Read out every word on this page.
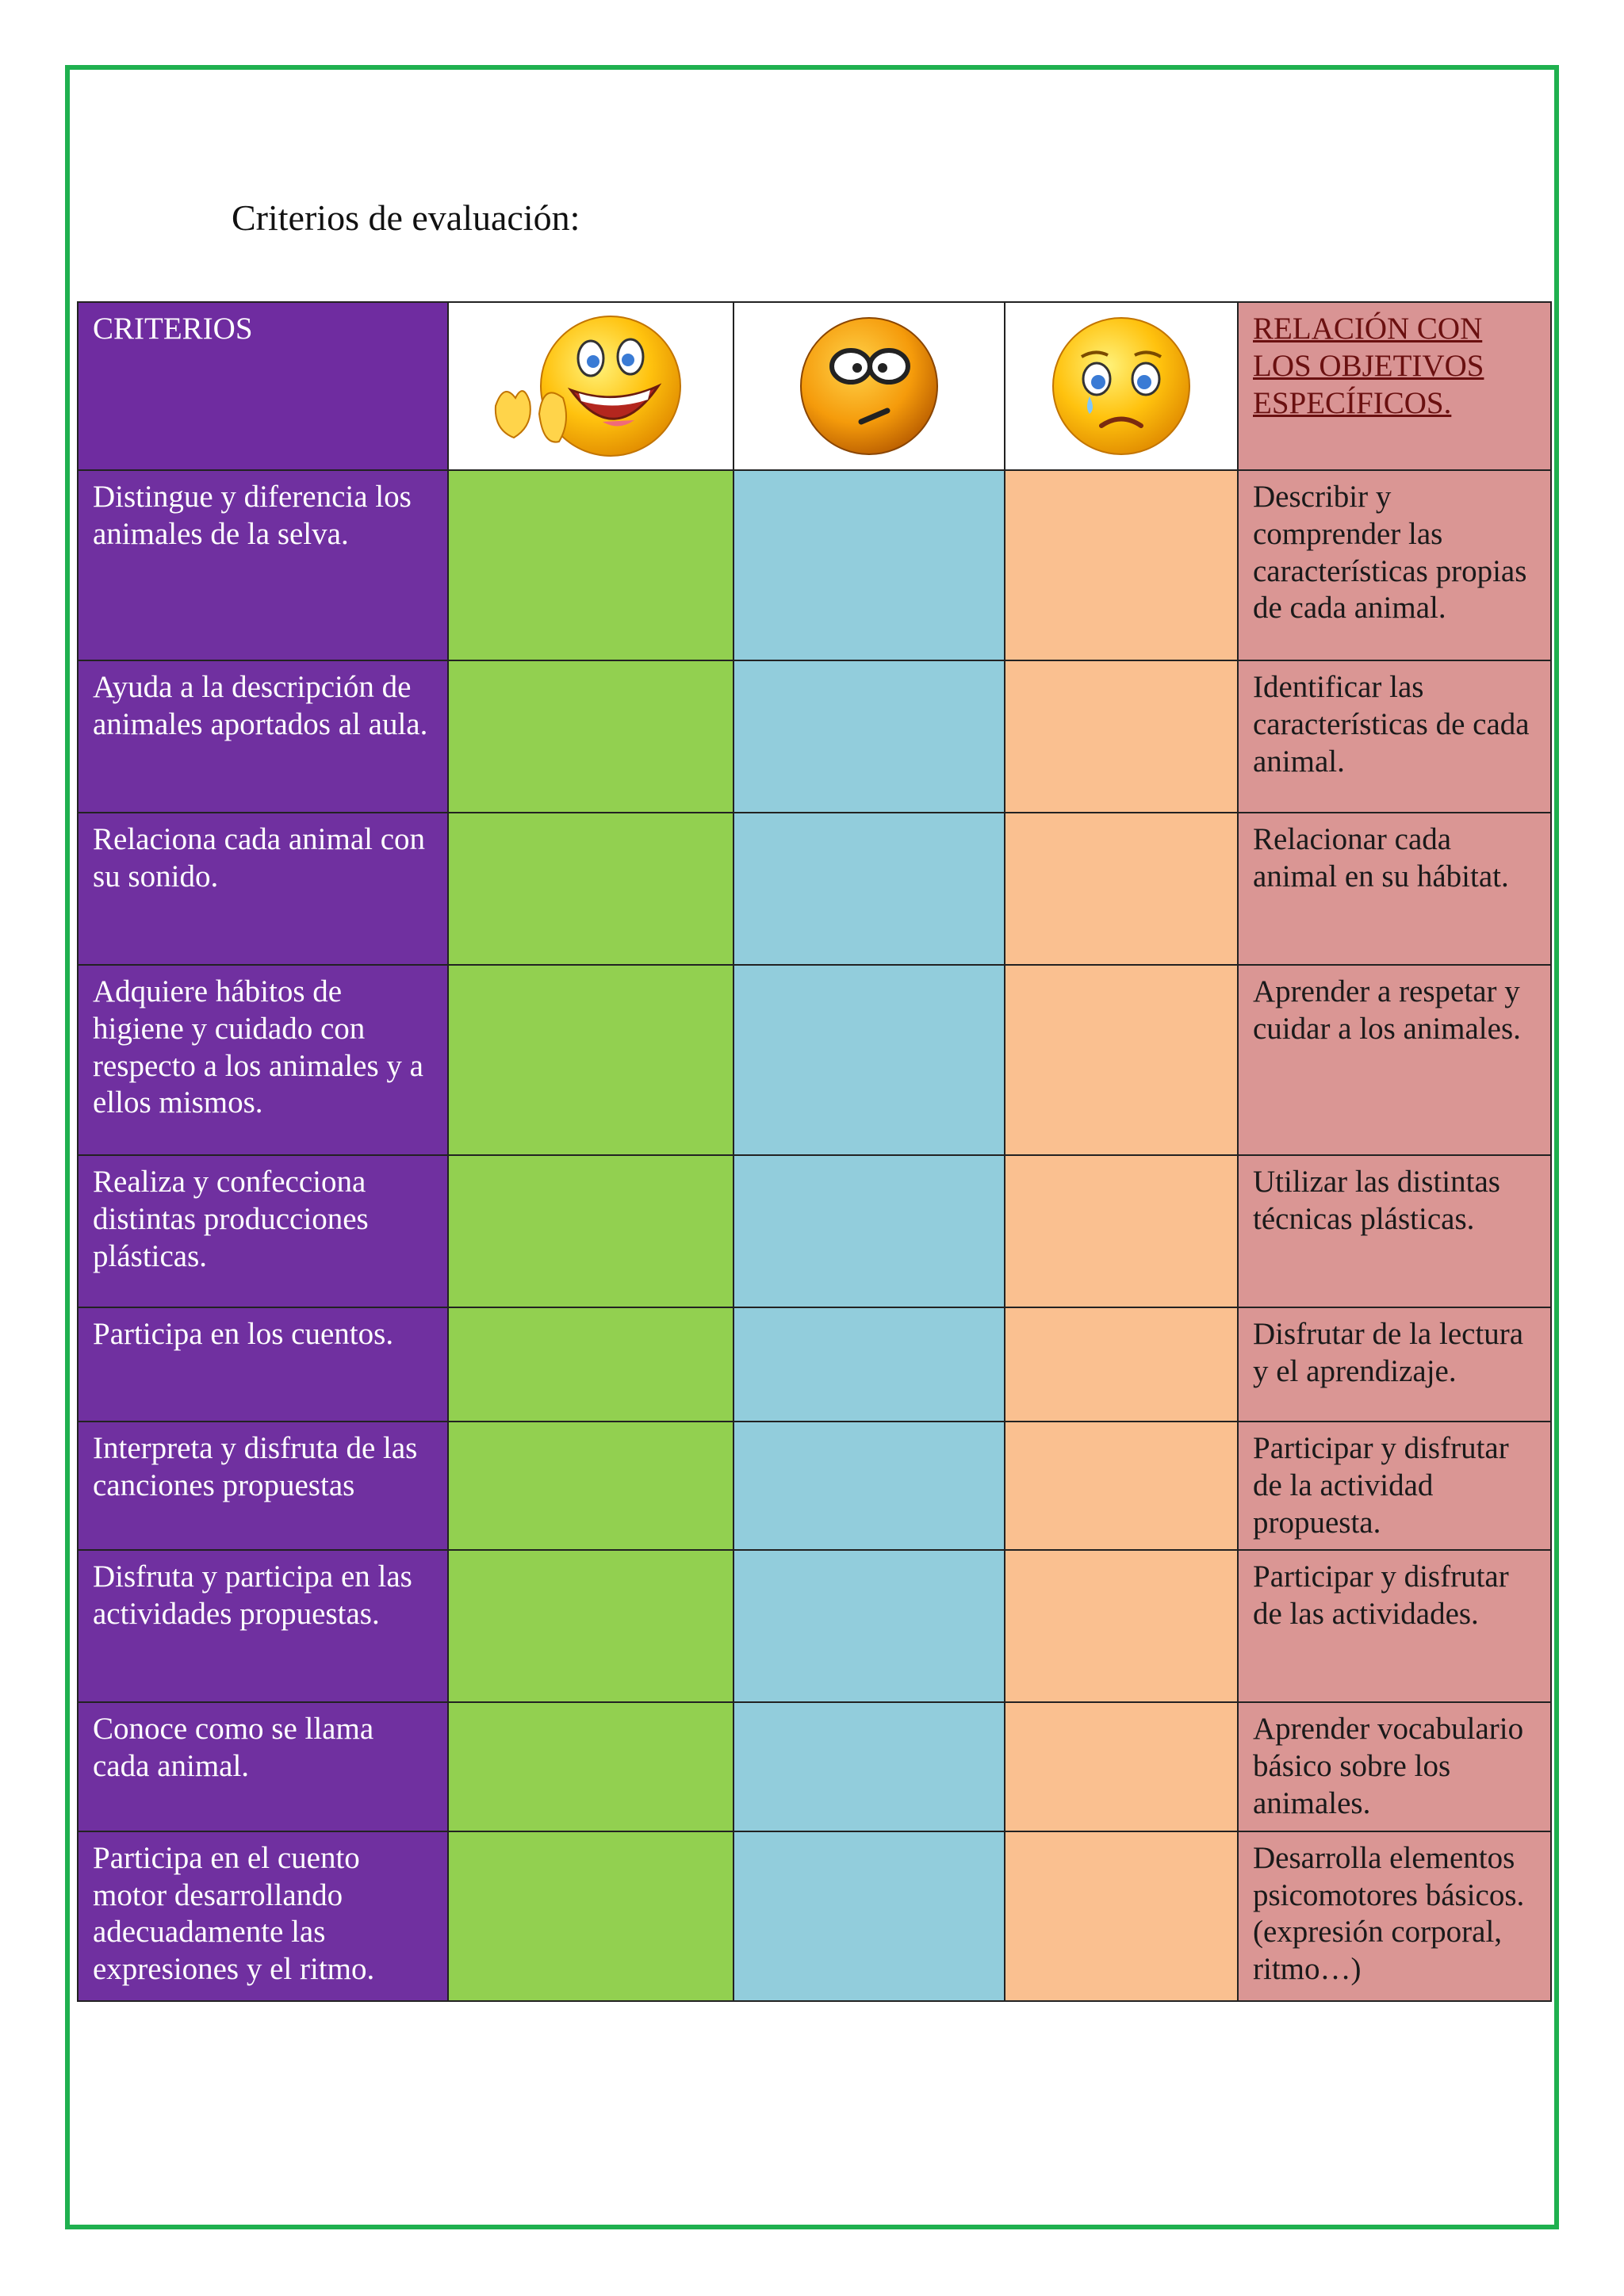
Criterios de evaluación:
CRITERIOS				RELACIÓN CON LOS OBJETIVOS ESPECÍFICOS.
Distingue y diferencia los animales de la selva.				Describir y comprender las características propias de cada animal.
Ayuda a la descripción de animales aportados al aula.				Identificar las características de cada animal.
Relaciona cada animal con su sonido.				Relacionar cada animal en su hábitat.
Adquiere hábitos de higiene y cuidado con respecto a los animales y a ellos mismos.				Aprender a respetar y cuidar a los animales.
Realiza y confecciona distintas producciones plásticas.				Utilizar las distintas técnicas plásticas.
Participa en los cuentos.				Disfrutar de la lectura y el aprendizaje.
Interpreta y disfruta de las canciones propuestas				Participar y disfrutar de la actividad propuesta.
Disfruta y participa en las actividades propuestas.				Participar y disfrutar de las actividades.
Conoce como se llama cada animal.				Aprender vocabulario básico sobre los animales.
Participa en el cuento motor desarrollando adecuadamente las expresiones y el ritmo.				Desarrolla elementos psicomotores básicos.(expresión corporal, ritmo…)
